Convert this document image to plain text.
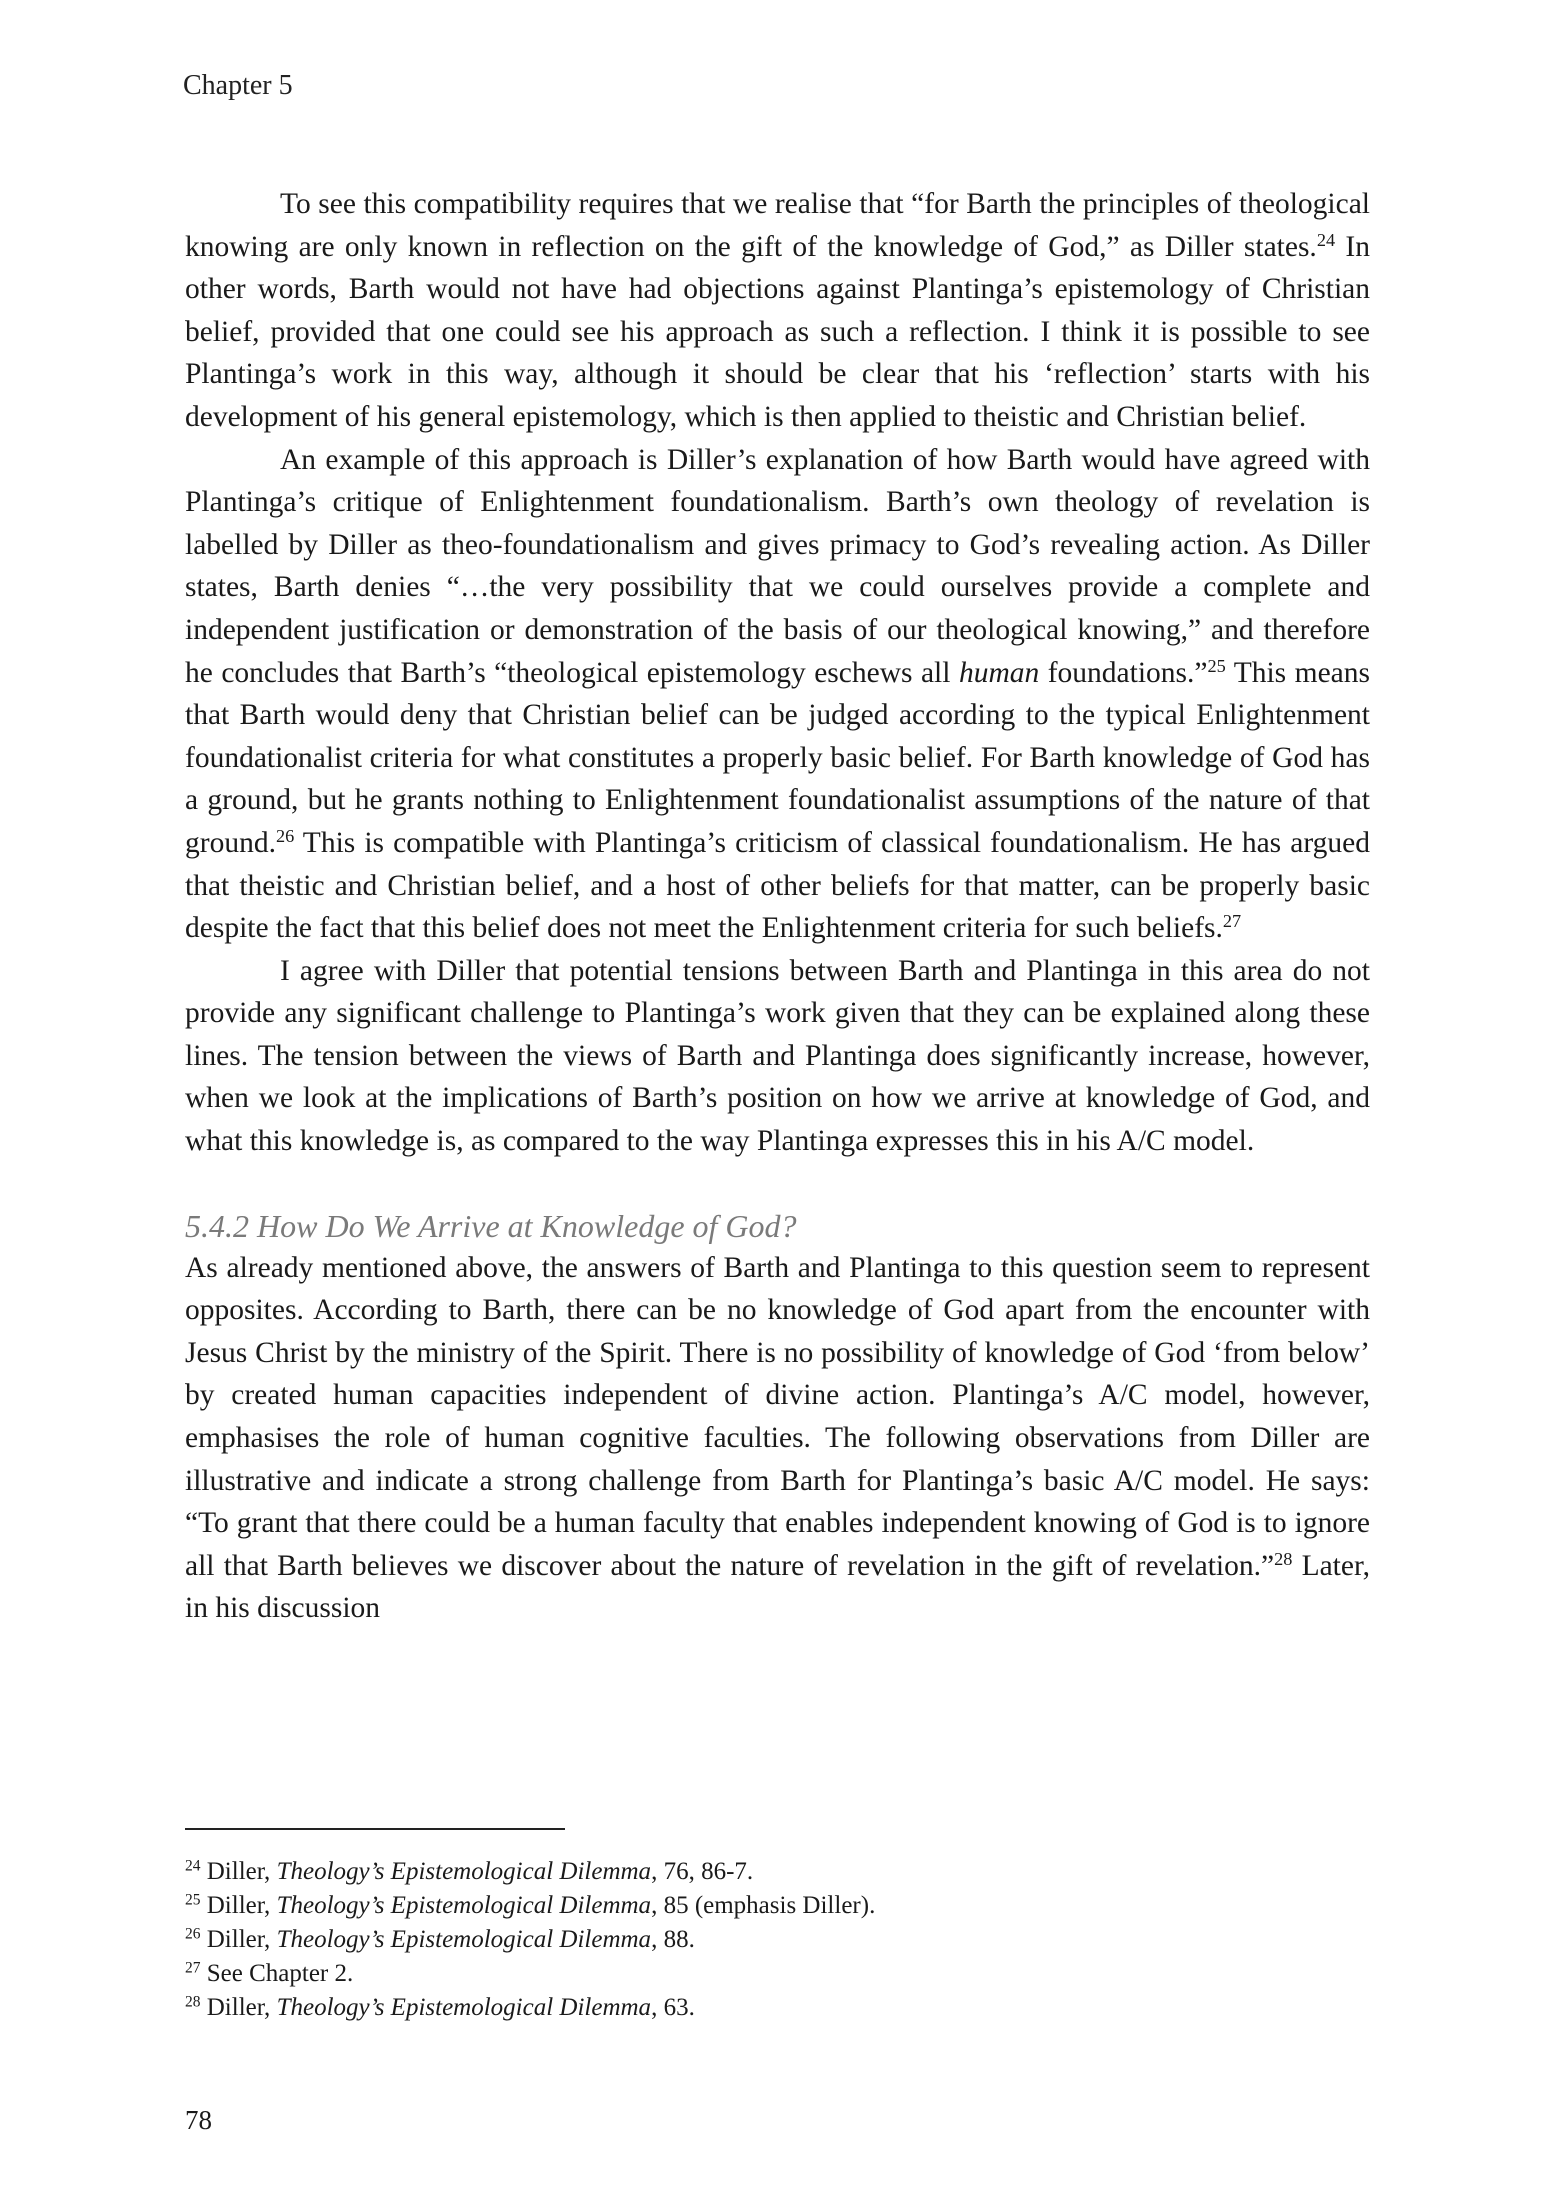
Chapter 5

To see this compatibility requires that we realise that “for Barth the principles of theological knowing are only known in reflection on the gift of the knowledge of God,” as Diller states.$^{24}$ In other words, Barth would not have had objections against Plantinga’s epistemology of Christian belief, provided that one could see his approach as such a reflection. I think it is possible to see Plantinga’s work in this way, although it should be clear that his ‘reflection’ starts with his development of his general epistemology, which is then applied to theistic and Christian belief.

An example of this approach is Diller’s explanation of how Barth would have agreed with Plantinga’s critique of Enlightenment foundationalism. Barth’s own theology of revelation is labelled by Diller as theo-foundationalism and gives primacy to God’s revealing action. As Diller states, Barth denies “…the very possibility that we could ourselves provide a complete and independent justification or demonstration of the basis of our theological knowing,” and therefore he concludes that Barth’s “theological epistemology eschews all human foundations.”$^{25}$ This means that Barth would deny that Christian belief can be judged according to the typical Enlightenment foundationalist criteria for what constitutes a properly basic belief. For Barth knowledge of God has a ground, but he grants nothing to Enlightenment foundationalist assumptions of the nature of that ground.$^{26}$ This is compatible with Plantinga’s criticism of classical foundationalism. He has argued that theistic and Christian belief, and a host of other beliefs for that matter, can be properly basic despite the fact that this belief does not meet the Enlightenment criteria for such beliefs.$^{27}$

I agree with Diller that potential tensions between Barth and Plantinga in this area do not provide any significant challenge to Plantinga’s work given that they can be explained along these lines. The tension between the views of Barth and Plantinga does significantly increase, however, when we look at the implications of Barth’s position on how we arrive at knowledge of God, and what this knowledge is, as compared to the way Plantinga expresses this in his A/C model.

5.4.2 How Do We Arrive at Knowledge of God?

As already mentioned above, the answers of Barth and Plantinga to this question seem to represent opposites. According to Barth, there can be no knowledge of God apart from the encounter with Jesus Christ by the ministry of the Spirit. There is no possibility of knowledge of God ‘from below’ by created human capacities independent of divine action. Plantinga’s A/C model, however, emphasises the role of human cognitive faculties. The following observations from Diller are illustrative and indicate a strong challenge from Barth for Plantinga’s basic A/C model. He says: “To grant that there could be a human faculty that enables independent knowing of God is to ignore all that Barth believes we discover about the nature of revelation in the gift of revelation.”$^{28}$ Later, in his discussion

$^{24}$ Diller, Theology’s Epistemological Dilemma, 76, 86-7.
$^{25}$ Diller, Theology’s Epistemological Dilemma, 85 (emphasis Diller).
$^{26}$ Diller, Theology’s Epistemological Dilemma, 88.
$^{27}$ See Chapter 2.
$^{28}$ Diller, Theology’s Epistemological Dilemma, 63.
78
